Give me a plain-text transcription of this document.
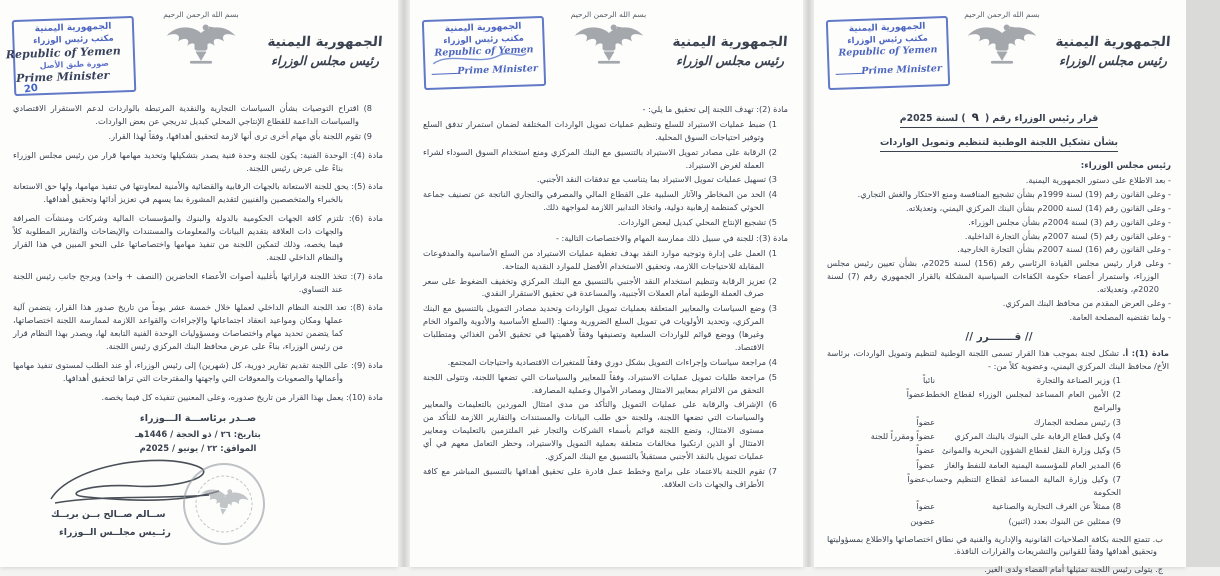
الجمهورية اليمنية
رئيس مجلس الوزراء
بسم الله الرحمن الرحيم
الجمهورية اليمنية
مكتب رئيس الوزراء
Republic of Yemen
Prime Minister
قرار رئيس الوزراء رقم (٩) لسنة 2025م
بشأن تشكيل اللجنة الوطنية لتنظيم وتمويل الواردات
رئيس مجلس الوزراء:
- بعد الاطلاع على دستور الجمهورية اليمنية.
- وعلى القانون رقم (19) لسنة 1999م بشأن تشجيع المنافسة ومنع الاحتكار والغش التجاري.
- وعلى القانون رقم (14) لسنة 2000م بشأن البنك المركزي اليمني، وتعديلاته.
- وعلى القانون رقم (3) لسنة 2004م بشأن مجلس الوزراء.
- وعلى القانون رقم (5) لسنة 2007م بشأن التجارة الداخلية.
- وعلى القانون رقم (16) لسنة 2007م بشأن التجارة الخارجية.
- وعلى قرار رئيس مجلس القيادة الرئاسي رقم (156) لسنة 2025م، بشأن تعيين رئيس مجلس الوزراء، واستمرار أعضاء حكومة الكفاءات السياسية المشكلة بالقرار الجمهوري رقم (7) لسنة 2020م، وتعديلاته.
- وعلى العرض المقدم من محافظ البنك المركزي.
- ولما تقتضيه المصلحة العامة.
// قـــــــرر //
مادة (1): أ. تشكل لجنة بموجب هذا القرار تسمى اللجنة الوطنية لتنظيم وتمويل الواردات، برئاسة الأخ/ محافظ البنك المركزي اليمني، وعضوية كلاً من: -
1) وزير الصناعة والتجارة
نائباً
2) الأمين العام المساعد لمجلس الوزراء لقطاع الخطط والبرامج
عضواً
3) رئيس مصلحة الجمارك
عضواً
4) وكيل قطاع الرقابة على البنوك بالبنك المركزي
عضواً ومقرراً للجنة
5) وكيل وزارة النقل لقطاع الشؤون البحرية والموانئ
عضواً
6) المدير العام للمؤسسة اليمنية العامة للنفط والغاز
عضواً
7) وكيل وزارة المالية المساعد لقطاع التنظيم وحساب الحكومة
عضواً
8) ممثلاً عن الغرف التجارية والصناعية
عضواً
9) ممثلين عن البنوك بعدد (اثنين)
عضوين
ب. تتمتع اللجنة بكافة الصلاحيات القانونية والإدارية والفنية في نطاق اختصاصاتها والاطلاع بمسؤوليتها وتحقيق أهدافها وفقاً للقوانين والتشريعات والقرارات النافذة.
ج. يتولى رئيس اللجنة تمثيلها أمام القضاء ولدى الغير.
الجمهورية اليمنية
رئيس مجلس الوزراء
بسم الله الرحمن الرحيم
الجمهورية اليمنية
مكتب رئيس الوزراء
Republic of Yemen
Prime Minister
مادة (2): تهدف اللجنة إلى تحقيق ما يلي: -
1) ضبط عمليات الاستيراد للسلع وتنظيم عمليات تمويل الواردات المختلفة لضمان استمرار تدفق السلع وتوفير احتياجات السوق المحلية.
2) الرقابة على مصادر تمويل الاستيراد بالتنسيق مع البنك المركزي ومنع استخدام السوق السوداء لشراء العملة لغرض الاستيراد.
3) تسهيل عمليات تمويل الاستيراد بما يتناسب مع تدفقات النقد الأجنبي.
4) الحد من المخاطر والآثار السلبية على القطاع المالي والمصرفي والتجاري الناتجة عن تصنيف جماعة الحوثي كمنظمة إرهابية دولية، واتخاذ التدابير اللازمة لمواجهة ذلك.
5) تشجيع الإنتاج المحلي كبديل لبعض الواردات.
مادة (3): للجنة في سبيل ذلك ممارسة المهام والاختصاصات التالية: -
1) العمل على إدارة وتوجيه موارد النقد بهدف تغطية عمليات الاستيراد من السلع الأساسية والمدفوعات المقابلة للاحتياجات اللازمة، وتحقيق الاستخدام الأفضل للموارد النقدية المتاحة.
2) تعزيز الرقابة وتنظيم استخدام النقد الأجنبي بالتنسيق مع البنك المركزي وتخفيف الضغوط على سعر صرف العملة الوطنية أمام العملات الأجنبية، والمساعدة في تحقيق الاستقرار النقدي.
3) وضع السياسات والمعايير المتعلقة بعمليات تمويل الواردات وتحديد مصادر التمويل بالتنسيق مع البنك المركزي، وتحديد الأولويات في تمويل السلع الضرورية ومنها: (السلع الأساسية والأدوية والمواد الخام وغيرها) ووضع قوائم للواردات السلعية وتصنيفها وفقاً لأهميتها في تحقيق الأمن الغذائي ومتطلبات الاقتصاد.
4) مراجعة سياسات وإجراءات التمويل بشكل دوري وفقاً للمتغيرات الاقتصادية واحتياجات المجتمع.
5) مراجعة طلبات تمويل عمليات الاستيراد، وفقاً للمعايير والسياسات التي تضعها اللجنة، وتتولى اللجنة التحقق من الالتزام بمعايير الامتثال ومصادر الأموال وعملية المصارفة.
6) الإشراف والرقابة على عمليات التمويل والتأكد من مدى امتثال الموردين بالتعليمات والمعايير والسياسات التي تضعها اللجنة، وللجنة حق طلب البيانات والمستندات والتقارير اللازمة للتأكد من مستوى الامتثال، وتضع اللجنة قوائم بأسماء الشركات والتجار غير الملتزمين بالتعليمات ومعايير الامتثال أو الذين ارتكبوا مخالفات متعلقة بعملية التمويل والاستيراد، وحظر التعامل معهم في أي عمليات تمويل بالنقد الأجنبي مستقبلاً بالتنسيق مع البنك المركزي.
7) تقوم اللجنة بالاعتماد على برامج وخطط عمل قادرة على تحقيق أهدافها بالتنسيق المباشر مع كافة الأطراف والجهات ذات العلاقة.
الجمهورية اليمنية
رئيس مجلس الوزراء
بسم الله الرحمن الرحيم
الجمهورية اليمنية
مكتب رئيس الوزراء
Republic of Yemen
صورة طبق الأصل
Prime Minister
20
8) اقتراح التوصيات بشأن السياسات التجارية والنقدية المرتبطة بالواردات لدعم الاستقرار الاقتصادي والسياسات الداعمة للقطاع الإنتاجي المحلي كبديل تدريجي عن بعض الواردات.
9) تقوم اللجنة بأي مهام أخرى ترى أنها لازمة لتحقيق أهدافها، وفقاً لهذا القرار.
مادة (4): الوحدة الفنية: يكون للجنة وحدة فنية يصدر بتشكيلها وتحديد مهامها قرار من رئيس مجلس الوزراء بناءً على عرض رئيس اللجنة.
مادة (5): يحق للجنة الاستعانة بالجهات الرقابية والقضائية والأمنية لمعاونتها في تنفيذ مهامها، ولها حق الاستعانة بالخبراء والمتخصصين والفنيين لتقديم المشورة بما يسهم في تعزيز أدائها وتحقيق أهدافها.
مادة (6): تلتزم كافة الجهات الحكومية بالدولة والبنوك والمؤسسات المالية وشركات ومنشآت الصرافة والجهات ذات العلاقة بتقديم البيانات والمعلومات والمستندات والإيضاحات والتقارير المطلوبة كلاً فيما يخصه، وذلك لتمكين اللجنة من تنفيذ مهامها واختصاصاتها على النحو المبين في هذا القرار والنظام الداخلي للجنة.
مادة (7): تتخذ اللجنة قراراتها بأغلبية أصوات الأعضاء الحاضرين (النصف + واحد) ويرجح جانب رئيس اللجنة عند التساوي.
مادة (8): تعد اللجنة النظام الداخلي لعملها خلال خمسة عشر يوماً من تاريخ صدور هذا القرار، يتضمن آلية عملها ومكان ومواعيد انعقاد اجتماعاتها والإجراءات والقواعد اللازمة لممارسة اللجنة اختصاصاتها، كما يتضمن تحديد مهام واختصاصات ومسؤوليات الوحدة الفنية التابعة لها، ويصدر بهذا النظام قرار من رئيس الوزراء، بناءً على عرض محافظ البنك المركزي رئيس اللجنة.
مادة (9): على اللجنة تقديم تقارير دورية، كل (شهرين) إلى رئيس الوزراء، أو عند الطلب لمستوى تنفيذ مهامها وأعمالها والصعوبات والمعوقات التي واجهتها والمقترحات التي تراها لتحقيق أهدافها.
مادة (10): يعمل بهذا القرار من تاريخ صدوره، وعلى المعنيين تنفيذه كل فيما يخصه.
صــدر برئاســـة الـــوزراء
بتاريخ: ٢٦ / ذو الحجة / 1446هـ
الموافق: ٢٢ / يونيو / 2025م
ســالم صــالح بــن بريــك
رئــيس مجلــس الــوزراء
